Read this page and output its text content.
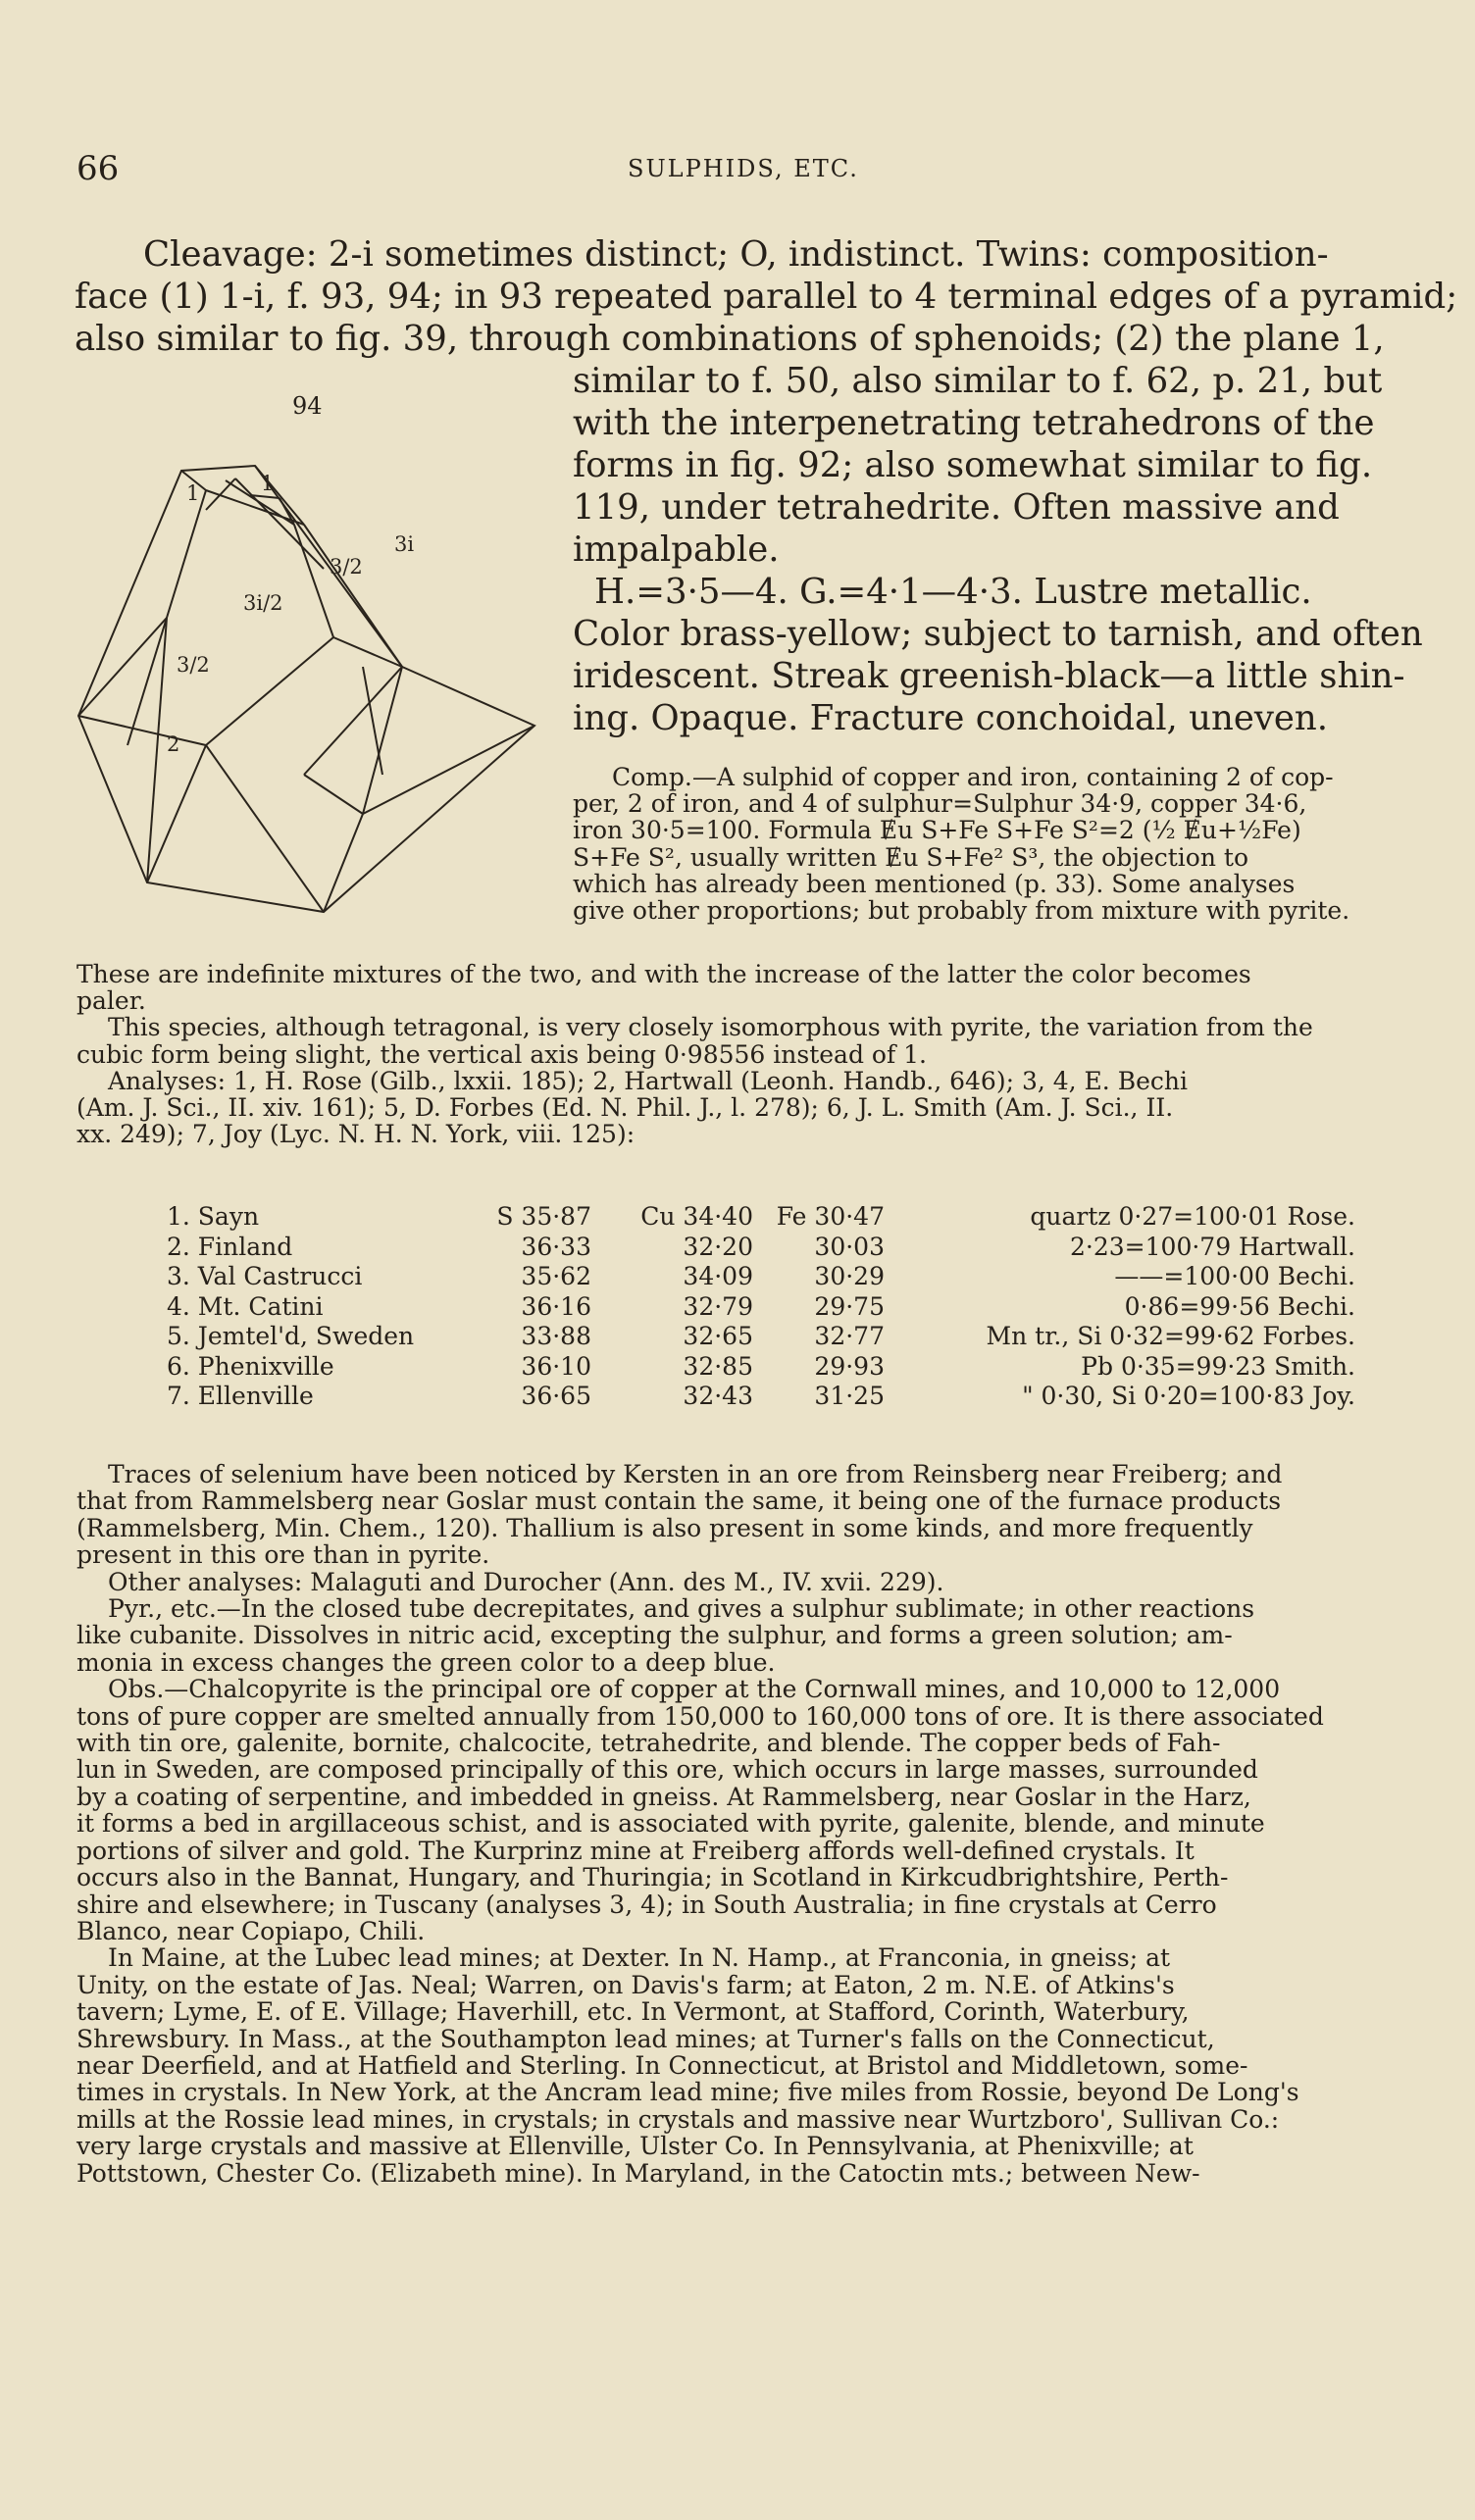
66	SULPHIDS, ETC.
Cleavage: 2-i sometimes distinct; O, indistinct. Twins: composition-
face (1) 1-i, f. 93, 94; in 93 repeated parallel to 4 terminal edges of a pyramid;
also similar to fig. 39, through combinations of sphenoids; (2) the plane 1,
94
1	1
3/2
3i/2
3i
2
3/2
similar to f. 50, also similar to f. 62, p. 21, but
with the interpenetrating tetrahedrons of the
forms in fig. 92; also somewhat similar to fig.
119, under tetrahedrite. Often massive and
impalpable.
H.=3·5—4. G.=4·1—4·3. Lustre metallic.
Color brass-yellow; subject to tarnish, and often
iridescent. Streak greenish-black—a little shin-
ing. Opaque. Fracture conchoidal, uneven.
Comp.—A sulphid of copper and iron, containing 2 of cop-
per, 2 of iron, and 4 of sulphur=Sulphur 34·9, copper 34·6,
iron 30·5=100. Formula Ɇu S+Fe S+Fe S²=2 (½ Ɇu+½Fe)
S+Fe S², usually written Ɇu S+Fe² S³, the objection to
which has already been mentioned (p. 33). Some analyses
give other proportions; but probably from mixture with pyrite.
These are indefinite mixtures of the two, and with the increase of the latter the color becomes
paler.
This species, although tetragonal, is very closely isomorphous with pyrite, the variation from the
cubic form being slight, the vertical axis being 0·98556 instead of 1.
Analyses: 1, H. Rose (Gilb., lxxii. 185); 2, Hartwall (Leonh. Handb., 646); 3, 4, E. Bechi
(Am. J. Sci., II. xiv. 161); 5, D. Forbes (Ed. N. Phil. J., l. 278); 6, J. L. Smith (Am. J. Sci., II.
xx. 249); 7, Joy (Lyc. N. H. N. York, viii. 125):
1. Sayn	S 35·87	Cu 34·40	Fe 30·47	quartz 0·27=100·01 Rose.
2. Finland	36·33	32·20	30·03	2·23=100·79 Hartwall.
3. Val Castrucci	35·62	34·09	30·29	——=100·00 Bechi.
4. Mt. Catini	36·16	32·79	29·75	0·86=99·56 Bechi.
5. Jemtel'd, Sweden	33·88	32·65	32·77	Mn tr., Si 0·32=99·62 Forbes.
6. Phenixville	36·10	32·85	29·93	Pb 0·35=99·23 Smith.
7. Ellenville	36·65	32·43	31·25	" 0·30, Si 0·20=100·83 Joy.
Traces of selenium have been noticed by Kersten in an ore from Reinsberg near Freiberg; and
that from Rammelsberg near Goslar must contain the same, it being one of the furnace products
(Rammelsberg, Min. Chem., 120). Thallium is also present in some kinds, and more frequently
present in this ore than in pyrite.
Other analyses: Malaguti and Durocher (Ann. des M., IV. xvii. 229).
Pyr., etc.—In the closed tube decrepitates, and gives a sulphur sublimate; in other reactions
like cubanite. Dissolves in nitric acid, excepting the sulphur, and forms a green solution; am-
monia in excess changes the green color to a deep blue.
Obs.—Chalcopyrite is the principal ore of copper at the Cornwall mines, and 10,000 to 12,000
tons of pure copper are smelted annually from 150,000 to 160,000 tons of ore. It is there associated
with tin ore, galenite, bornite, chalcocite, tetrahedrite, and blende. The copper beds of Fah-
lun in Sweden, are composed principally of this ore, which occurs in large masses, surrounded
by a coating of serpentine, and imbedded in gneiss. At Rammelsberg, near Goslar in the Harz,
it forms a bed in argillaceous schist, and is associated with pyrite, galenite, blende, and minute
portions of silver and gold. The Kurprinz mine at Freiberg affords well-defined crystals. It
occurs also in the Bannat, Hungary, and Thuringia; in Scotland in Kirkcudbrightshire, Perth-
shire and elsewhere; in Tuscany (analyses 3, 4); in South Australia; in fine crystals at Cerro
Blanco, near Copiapo, Chili.
In Maine, at the Lubec lead mines; at Dexter. In N. Hamp., at Franconia, in gneiss; at
Unity, on the estate of Jas. Neal; Warren, on Davis's farm; at Eaton, 2 m. N.E. of Atkins's
tavern; Lyme, E. of E. Village; Haverhill, etc. In Vermont, at Stafford, Corinth, Waterbury,
Shrewsbury. In Mass., at the Southampton lead mines; at Turner's falls on the Connecticut,
near Deerfield, and at Hatfield and Sterling. In Connecticut, at Bristol and Middletown, some-
times in crystals. In New York, at the Ancram lead mine; five miles from Rossie, beyond De Long's
mills at the Rossie lead mines, in crystals; in crystals and massive near Wurtzboro', Sullivan Co.:
very large crystals and massive at Ellenville, Ulster Co. In Pennsylvania, at Phenixville; at
Pottstown, Chester Co. (Elizabeth mine). In Maryland, in the Catoctin mts.; between New-
